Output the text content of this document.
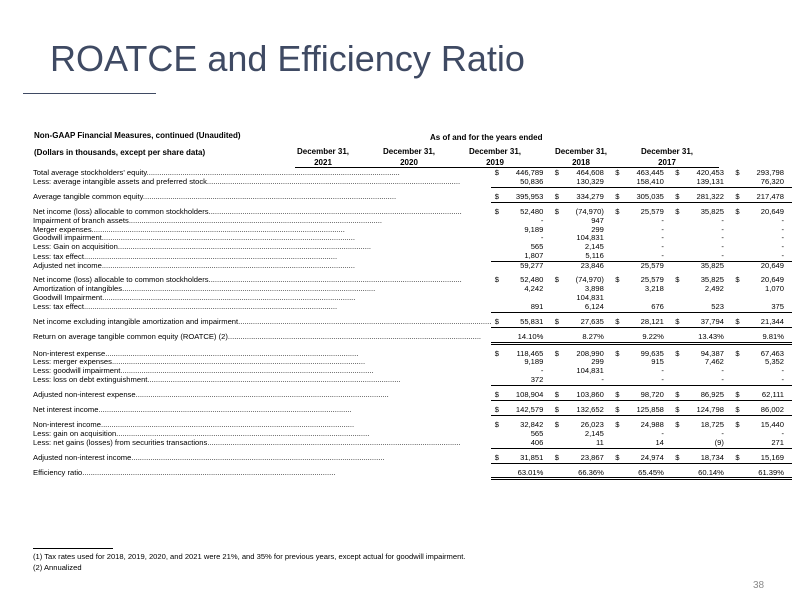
ROATCE and Efficiency Ratio
Non-GAAP Financial Measures, continued (Unaudited)
(Dollars in thousands, except per share data)
As of and for the years ended
December 31,
2021
December 31,
2020
December 31,
2019
December 31,
2018
December 31,
2017
Total average stockholders' equity........................................................................................................................	$	446,789	$	464,608	$	463,445	$	420,453	$	293,798
Less: average intangible assets and preferred stock........................................................................................................................		50,836		130,329		158,410		139,131		76,320

Average tangible common equity........................................................................................................................	$	395,953	$	334,279	$	305,035	$	281,322	$	217,478

Net income (loss) allocable to common stockholders........................................................................................................................	$	52,480	$	(74,970)	$	25,579	$	35,825	$	20,649
Impairment of branch assets........................................................................................................................		-		947		-		-		-
Merger expenses........................................................................................................................		9,189		299		-		-		-
Goodwill impairment........................................................................................................................		-		104,831		-		-		-
Less: Gain on acquisition........................................................................................................................		565		2,145		-		-		-
Less: tax effect........................................................................................................................		1,807		5,116		-		-		-
Adjusted net income........................................................................................................................		59,277		23,846		25,579		35,825		20,649

Net income (loss) allocable to common stockholders........................................................................................................................	$	52,480	$	(74,970)	$	25,579	$	35,825	$	20,649
Amortization of intangibles........................................................................................................................		4,242		3,898		3,218		2,492		1,070
Goodwill Impairment........................................................................................................................				104,831						
Less: tax effect........................................................................................................................		891		6,124		676		523		375

Net income excluding intangible amortization and impairment........................................................................................................................	$	55,831	$	27,635	$	28,121	$	37,794	$	21,344

Return on average tangible common equity (ROATCE) (2)........................................................................................................................		14.10%		8.27%		9.22%		13.43%		9.81%

Non-interest expense........................................................................................................................	$	118,465	$	208,990	$	99,635	$	94,387	$	67,463
Less: merger expenses........................................................................................................................		9,189		299		915		7,462		5,352
Less: goodwill impairment........................................................................................................................		-		104,831		-		-		-
Less: loss on debt extinguishment........................................................................................................................		372		-		-		-		-

Adjusted non-interest expense........................................................................................................................	$	108,904	$	103,860	$	98,720	$	86,925	$	62,111

Net interest income........................................................................................................................	$	142,579	$	132,652	$	125,858	$	124,798	$	86,002

Non-interest income........................................................................................................................	$	32,842	$	26,023	$	24,988	$	18,725	$	15,440
Less: gain on acquisition........................................................................................................................		565		2,145		-		-		-
Less: net gains (losses) from securities transactions........................................................................................................................		406		11		14		(9)		271

Adjusted non-interest income........................................................................................................................	$	31,851	$	23,867	$	24,974	$	18,734	$	15,169

Efficiency ratio........................................................................................................................		63.01%		66.36%		65.45%		60.14%		61.39%
(1) Tax rates used for 2018, 2019, 2020, and 2021 were 21%, and 35% for previous years, except actual for goodwill impairment.
(2) Annualized
38
